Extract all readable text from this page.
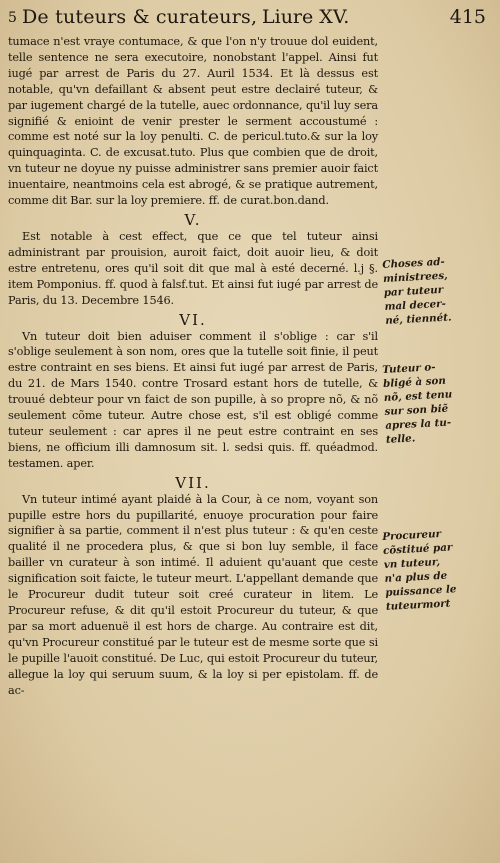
5 De tuteurs & curateurs, Liure XV.	415

tumace n'est vraye contumace, & que l'on n'y trouue dol euident, telle sentence ne sera executoire, nonobstant l'appel. Ainsi fut iugé par arrest de Paris du 27. Auril 1534. Et là dessus est notable, qu'vn defaillant & absent peut estre declairé tuteur, & par iugement chargé de la tutelle, auec ordonnance, qu'il luy sera signifié & enioint de venir prester le serment accoustumé : comme est noté sur la loy penulti. C. de pericul.tuto.& sur la loy quinquaginta. C. de excusat.tuto. Plus que combien que de droit, vn tuteur ne doyue ny puisse administrer sans premier auoir faict inuentaire, neantmoins cela est abrogé, & se pratique autrement, comme dit Bar. sur la loy premiere. ff. de curat.bon.dand.

V.

Est notable à cest effect, que ce que tel tuteur ainsi administrant par prouision, auroit faict, doit auoir lieu, & doit estre entretenu, ores qu'il soit dit que mal à esté decerné. l.j §. item Pomponius. ff. quod à falsf.tut. Et ainsi fut iugé par arrest de Paris, du 13. Decembre 1546.

VI.

Vn tuteur doit bien aduiser comment il s'oblige : car s'il s'oblige seulement à son nom, ores que la tutelle soit finie, il peut estre contraint en ses biens. Et ainsi fut iugé par arrest de Paris, du 21. de Mars 1540. contre Trosard estant hors de tutelle, & trouué debteur pour vn faict de son pupille, à so propre nõ, & nõ seulement cõme tuteur. Autre chose est, s'il est obligé comme tuteur seulement : car apres il ne peut estre contraint en ses biens, ne officium illi damnosum sit. l. sedsi quis. ff. quéadmod. testamen. aper.

VII.

Vn tuteur intimé ayant plaidé à la Cour, à ce nom, voyant son pupille estre hors du pupillarité, enuoye procuration pour faire signifier à sa partie, comment il n'est plus tuteur : & qu'en ceste qualité il ne procedera plus, & que si bon luy semble, il face bailler vn curateur à son intimé. Il aduient qu'auant que ceste signification soit faicte, le tuteur meurt. L'appellant demande que le Procureur dudit tuteur soit creé curateur in litem. Le Procureur refuse, & dit qu'il estoit Procureur du tuteur, & que par sa mort aduenuë il est hors de charge. Au contraire est dit, qu'vn Procureur constitué par le tuteur est de mesme sorte que si le pupille l'auoit constitué. De Luc, qui estoit Procureur du tuteur, allegue la loy qui seruum suum, & la loy si per epistolam. ff. de ac-

Choses ad-
ministrees,
par tuteur
mal decer-
né, tiennét.
Tuteur o-
bligé à son
nõ, est tenu
sur son biẽ
apres la tu-
telle.
Procureur
cõstitué par
vn tuteur,
n'a plus de
puissance le
tuteurmort
